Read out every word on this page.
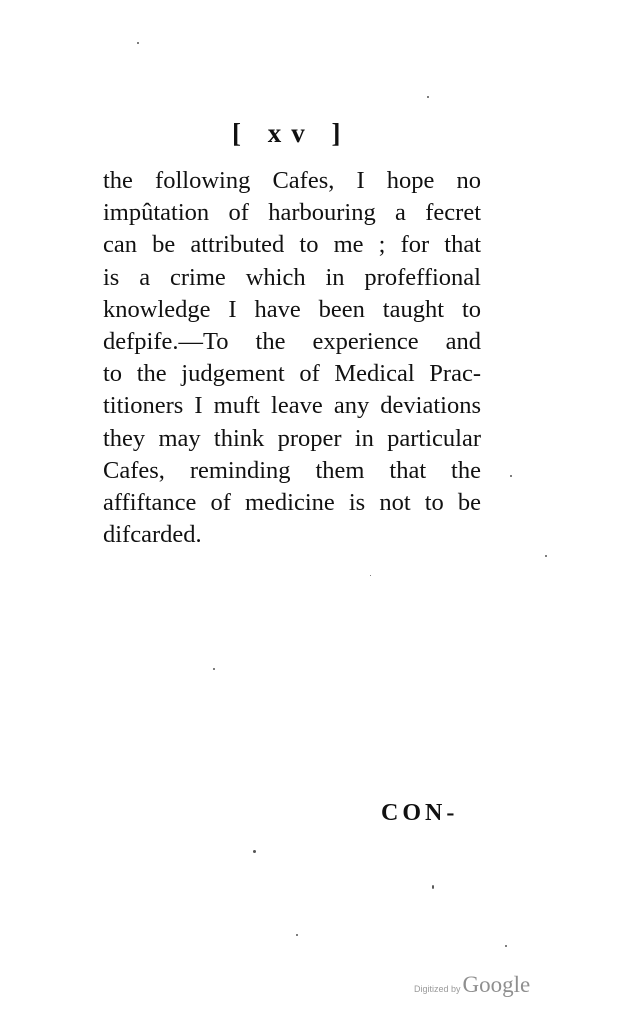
[ xv ]
the following Cafes, I hope no
impûtation of harbouring a fecret
can be attributed to me ; for that
is a crime which in profeffional
knowledge I have been taught to
defpife.—To the experience and
to the judgement of Medical Prac-
titioners I muft leave any deviations
they may think proper in particular
Cafes, reminding them that the
affiftance of medicine is not to be
difcarded.
CON-
Digitized by Google
